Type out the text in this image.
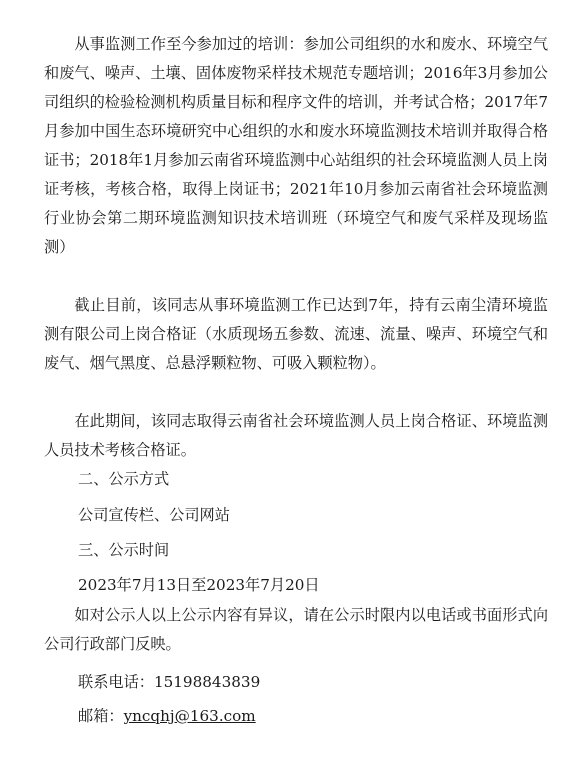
从事监测工作至今参加过的培训：参加公司组织的水和废水、环境空气和废气、噪声、土壤、固体废物采样技术规范专题培训；2016年3月参加公司组织的检验检测机构质量目标和程序文件的培训，并考试合格；2017年7月参加中国生态环境研究中心组织的水和废水环境监测技术培训并取得合格证书；2018年1月参加云南省环境监测中心站组织的社会环境监测人员上岗证考核，考核合格，取得上岗证书；2021年10月参加云南省社会环境监测行业协会第二期环境监测知识技术培训班（环境空气和废气采样及现场监测）

截止目前，该同志从事环境监测工作已达到7年，持有云南尘清环境监测有限公司上岗合格证（水质现场五参数、流速、流量、噪声、环境空气和废气、烟气黑度、总悬浮颗粒物、可吸入颗粒物）。

在此期间，该同志取得云南省社会环境监测人员上岗合格证、环境监测人员技术考核合格证。

二、公示方式

公司宣传栏、公司网站

三、公示时间

2023年7月13日至2023年7月20日

如对公示人以上公示内容有异议，请在公示时限内以电话或书面形式向公司行政部门反映。

联系电话：15198843839

邮箱：yncqhj@163.com
